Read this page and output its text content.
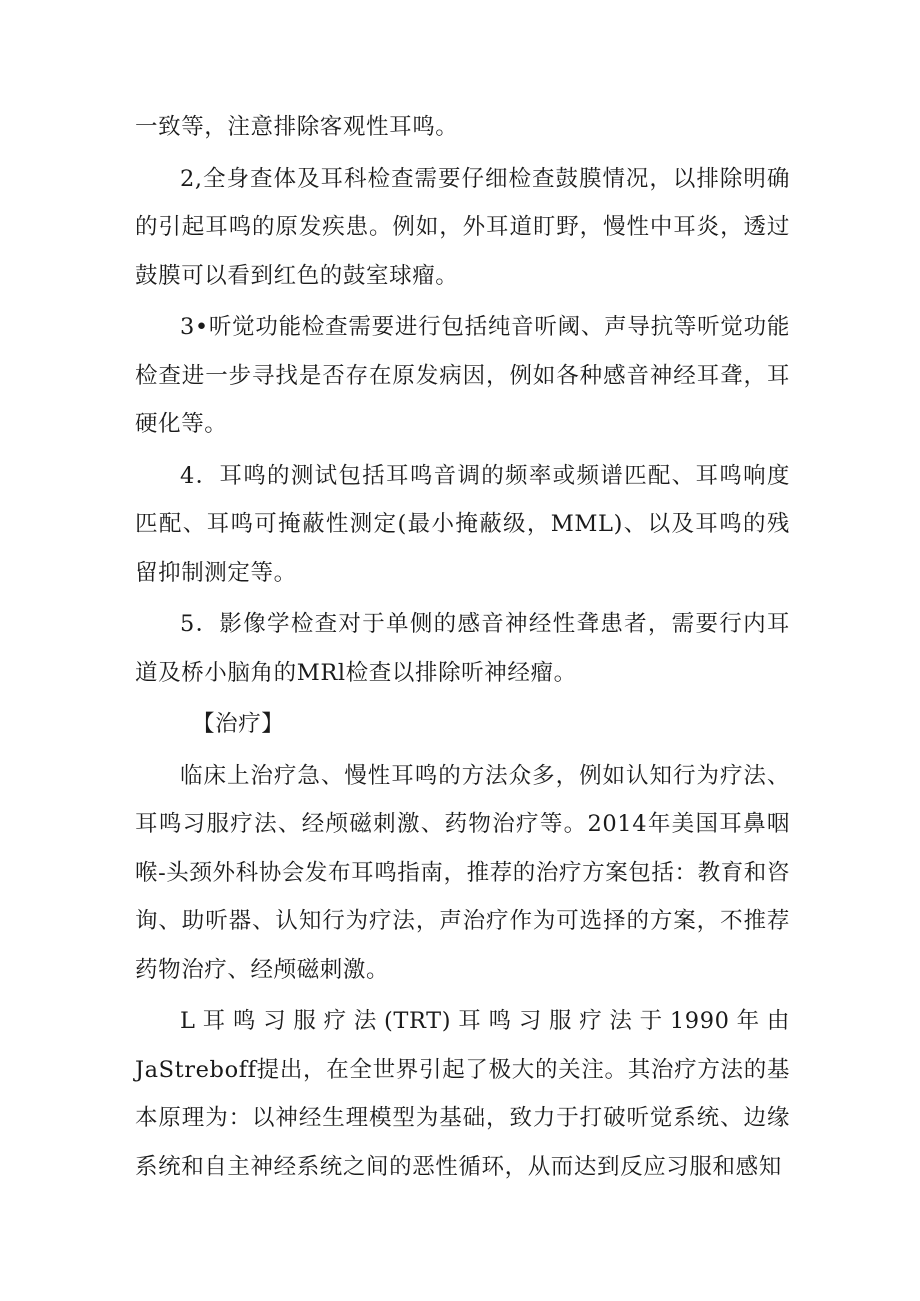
一致等，注意排除客观性耳鸣。

2,全身查体及耳科检查需要仔细检查鼓膜情况，以排除明确的引起耳鸣的原发疾患。例如，外耳道盯野，慢性中耳炎，透过鼓膜可以看到红色的鼓室球瘤。

3•听觉功能检查需要进行包括纯音听阈、声导抗等听觉功能检查进一步寻找是否存在原发病因，例如各种感音神经耳聋，耳硬化等。

4．耳鸣的测试包括耳鸣音调的频率或频谱匹配、耳鸣响度匹配、耳鸣可掩蔽性测定(最小掩蔽级，MML)、以及耳鸣的残留抑制测定等。

5．影像学检查对于单侧的感音神经性聋患者，需要行内耳道及桥小脑角的MRl检查以排除听神经瘤。

【治疗】

临床上治疗急、慢性耳鸣的方法众多，例如认知行为疗法、耳鸣习服疗法、经颅磁刺激、药物治疗等。2014年美国耳鼻咽喉-头颈外科协会发布耳鸣指南，推荐的治疗方案包括：教育和咨询、助听器、认知行为疗法，声治疗作为可选择的方案，不推荐药物治疗、经颅磁刺激。

L耳鸣习服疗法(TRT)耳鸣习服疗法于1990年由JaStreboff提出，在全世界引起了极大的关注。其治疗方法的基本原理为：以神经生理模型为基础，致力于打破听觉系统、边缘系统和自主神经系统之间的恶性循环，从而达到反应习服和感知
